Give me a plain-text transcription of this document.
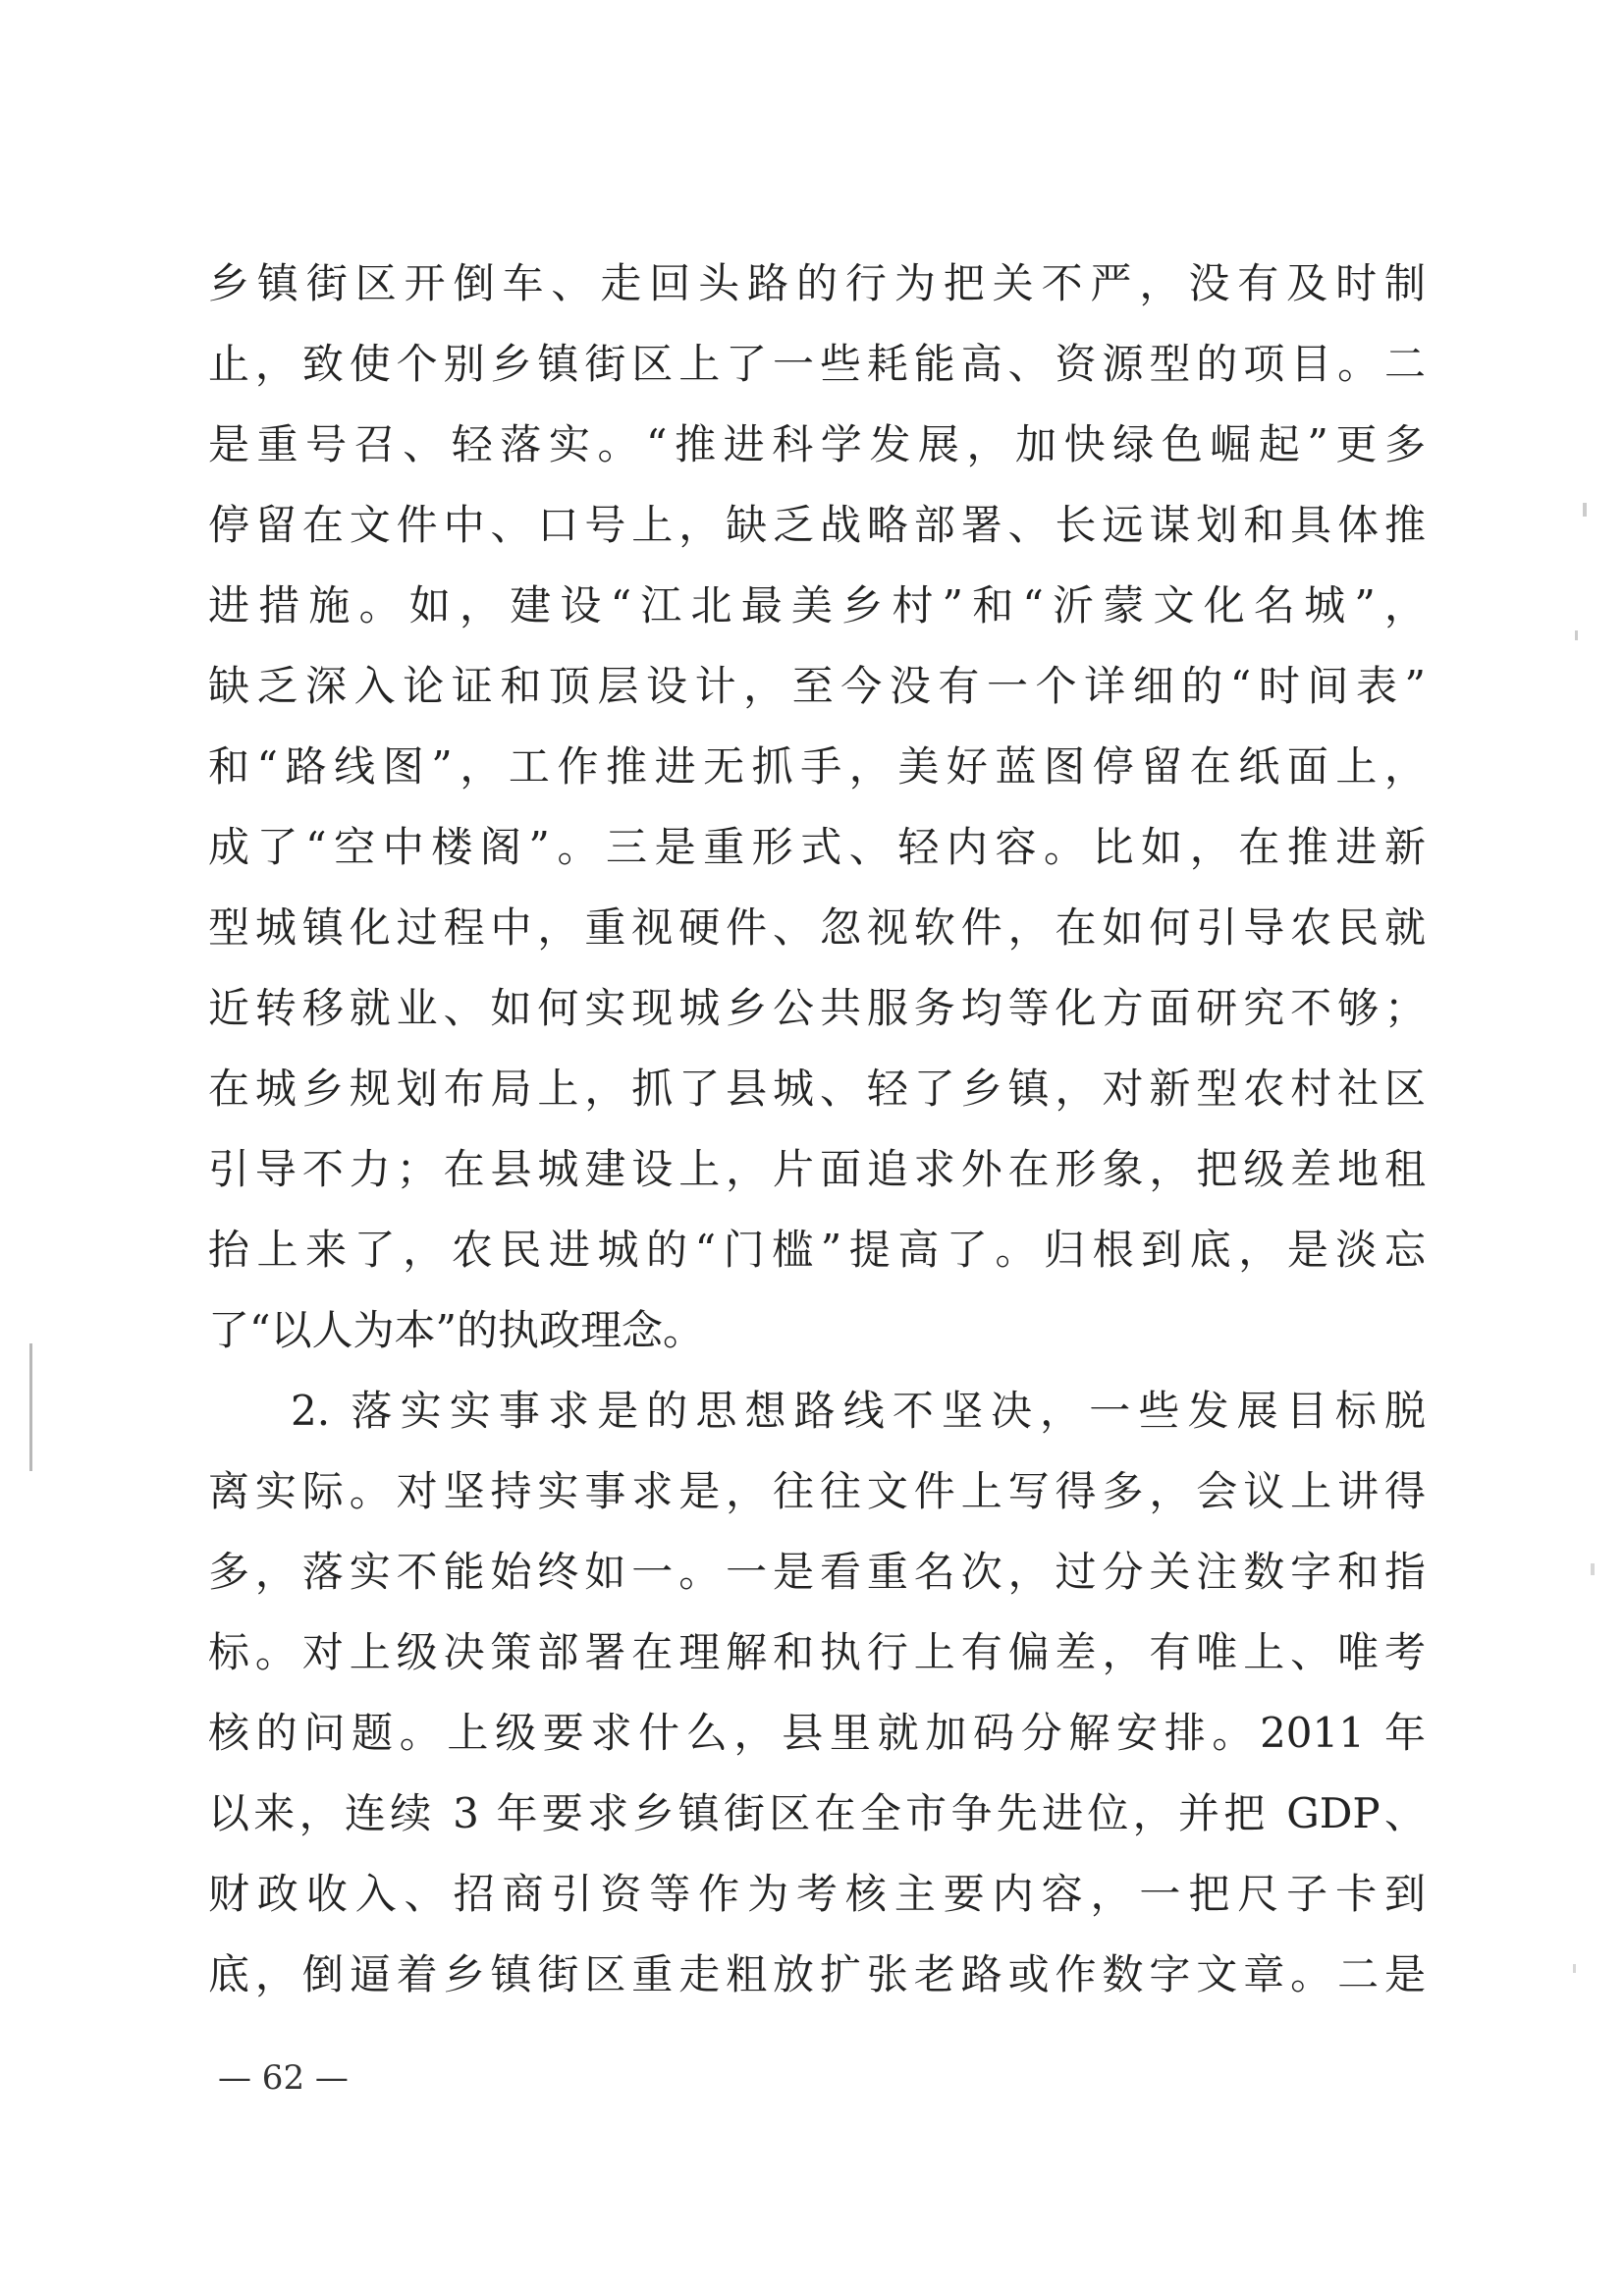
乡镇街区开倒车、走回头路的行为把关不严，没有及时制
止，致使个别乡镇街区上了一些耗能高、资源型的项目。二
是重号召、轻落实。“推进科学发展，加快绿色崛起”更多
停留在文件中、口号上，缺乏战略部署、长远谋划和具体推
进措施。如，建设“江北最美乡村”和“沂蒙文化名城”，
缺乏深入论证和顶层设计，至今没有一个详细的“时间表”
和“路线图”，工作推进无抓手，美好蓝图停留在纸面上，
成了“空中楼阁”。三是重形式、轻内容。比如，在推进新
型城镇化过程中，重视硬件、忽视软件，在如何引导农民就
近转移就业、如何实现城乡公共服务均等化方面研究不够；
在城乡规划布局上，抓了县城、轻了乡镇，对新型农村社区
引导不力；在县城建设上，片面追求外在形象，把级差地租
抬上来了，农民进城的“门槛”提高了。归根到底，是淡忘
了“以人为本”的执政理念。
2. 落实实事求是的思想路线不坚决，一些发展目标脱
离实际。对坚持实事求是，往往文件上写得多，会议上讲得
多，落实不能始终如一。一是看重名次，过分关注数字和指
标。对上级决策部署在理解和执行上有偏差，有唯上、唯考
核的问题。上级要求什么，县里就加码分解安排。2011 年
以来，连续 3 年要求乡镇街区在全市争先进位，并把 GDP、
财政收入、招商引资等作为考核主要内容，一把尺子卡到
底，倒逼着乡镇街区重走粗放扩张老路或作数字文章。二是
— 62 —
